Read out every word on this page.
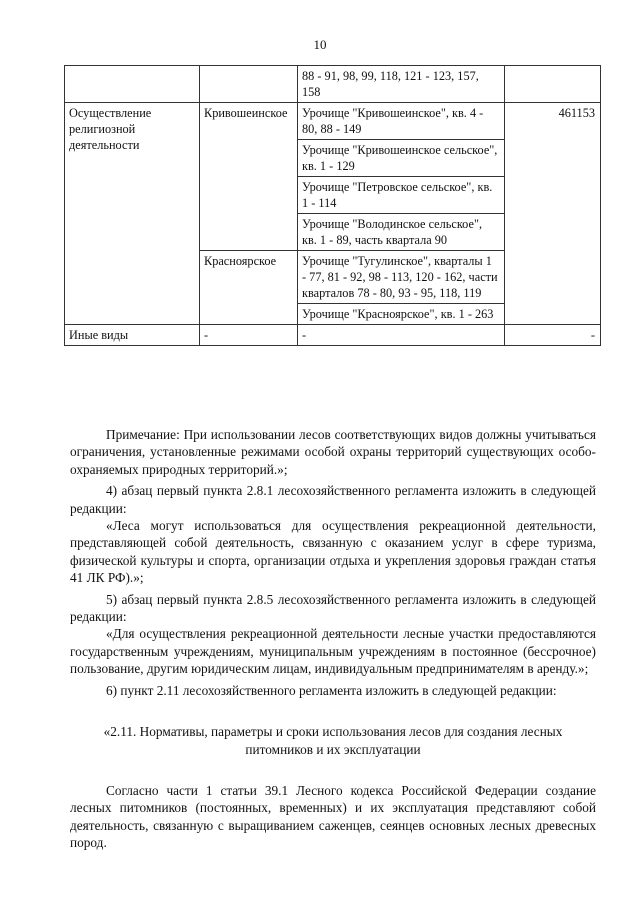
10
		88 - 91, 98, 99, 118, 121 - 123, 157, 158	
Осуществление религиозной деятельности	Кривошеинское	Урочище "Кривошеинское", кв. 4 - 80, 88 - 149	461153
		Урочище "Кривошеинское сельское", кв. 1 - 129	
		Урочище "Петровское сельское", кв. 1 - 114	
		Урочище "Володинское сельское", кв. 1 - 89, часть квартала 90	
	Красноярское	Урочище "Тугулинское", кварталы 1 - 77, 81 - 92, 98 - 113, 120 - 162, части кварталов 78 - 80, 93 - 95, 118, 119	
		Урочище "Красноярское", кв. 1 - 263	
Иные виды	-	-	-

Примечание: При использовании лесов соответствующих видов должны учитываться ограничения, установленные режимами особой охраны территорий существующих особо-охраняемых природных территорий.»;

4) абзац первый пункта 2.8.1 лесохозяйственного регламента изложить в следующей редакции:

«Леса могут использоваться для осуществления рекреационной деятельности, представляющей собой деятельность, связанную с оказанием услуг в сфере туризма, физической культуры и спорта, организации отдыха и укрепления здоровья граждан статья 41 ЛК РФ).»;

5) абзац первый пункта 2.8.5 лесохозяйственного регламента изложить в следующей редакции:

«Для осуществления рекреационной деятельности лесные участки предоставляются государственным учреждениям, муниципальным учреждениям в постоянное (бессрочное) пользование, другим юридическим лицам, индивидуальным предпринимателям в аренду.»;

6) пункт 2.11 лесохозяйственного регламента изложить в следующей редакции:

«2.11. Нормативы, параметры и сроки использования лесов для создания лесных
питомников и их эксплуатации

Согласно части 1 статьи 39.1 Лесного кодекса Российской Федерации создание лесных питомников (постоянных, временных) и их эксплуатация представляют собой деятельность, связанную с выращиванием саженцев, сеянцев основных лесных древесных пород.
